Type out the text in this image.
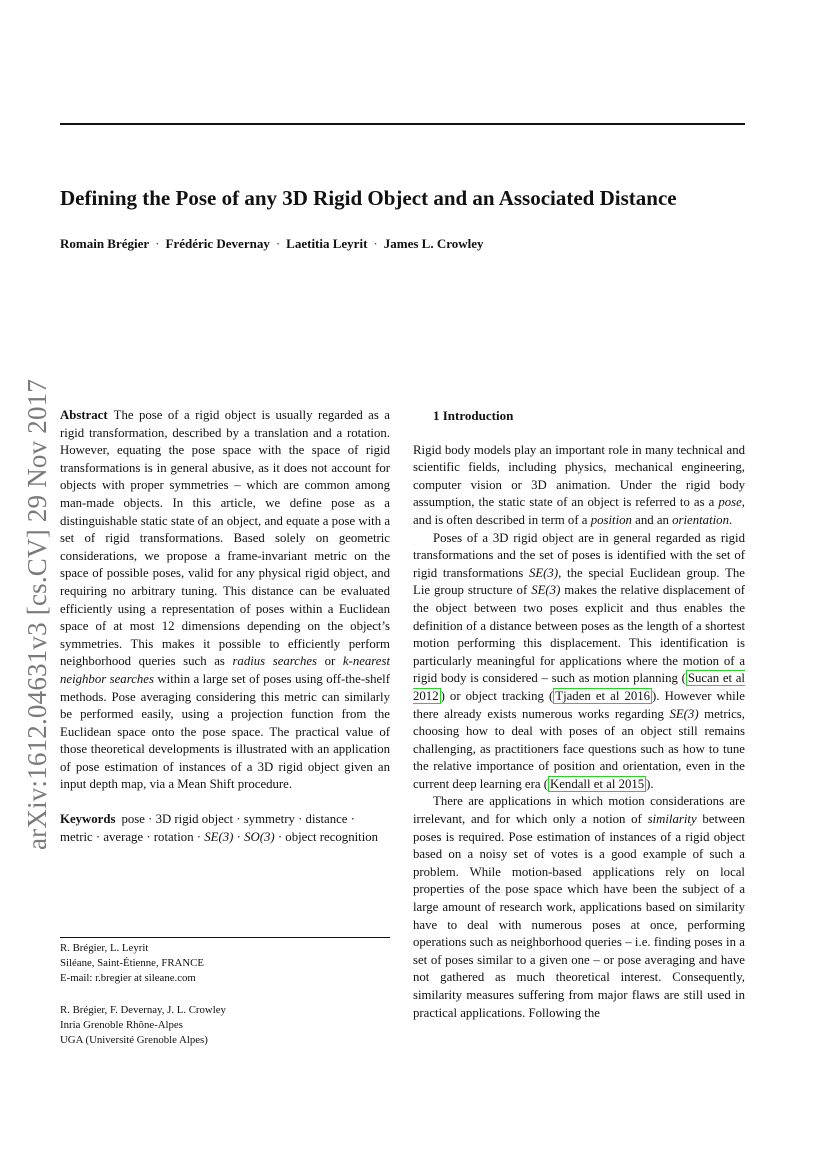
Defining the Pose of any 3D Rigid Object and an Associated Distance
Romain Brégier · Frédéric Devernay · Laetitia Leyrit · James L. Crowley
arXiv:1612.04631v3 [cs.CV] 29 Nov 2017 Abstract The pose of a rigid object is usually regarded as a rigid transformation, described by a translation and a rotation. However, equating the pose space with the space of rigid transformations is in general abusive, as it does not account for objects with proper symmetries – which are common among man-made objects. In this article, we define pose as a distinguishable static state of an object, and equate a pose with a set of rigid transformations. Based solely on geometric considerations, we propose a frame-invariant metric on the space of possible poses, valid for any physical rigid object, and requiring no arbitrary tuning. This distance can be evaluated efficiently using a representation of poses within a Euclidean space of at most 12 dimensions depending on the object’s symmetries. This makes it possible to efficiently perform neighborhood queries such as radius searches or k-nearest neighbor searches within a large set of poses using off-the-shelf methods. Pose averaging considering this metric can similarly be performed easily, using a projection function from the Euclidean space onto the pose space. The practical value of those theoretical developments is illustrated with an application of pose estimation of instances of a 3D rigid object given an input depth map, via a Mean Shift procedure.

Keywords pose · 3D rigid object · symmetry · distance · metric · average · rotation · SE(3) · SO(3) · object recognition

R. Brégier, L. Leyrit
Siléane, Saint-Étienne, FRANCE
E-mail: r.bregier at sileane.com
R. Brégier, F. Devernay, J. L. Crowley
Inria Grenoble Rhône-Alpes
UGA (Université Grenoble Alpes)

1 Introduction

Rigid body models play an important role in many technical and scientific fields, including physics, mechanical engineering, computer vision or 3D animation. Under the rigid body assumption, the static state of an object is referred to as a pose, and is often described in term of a position and an orientation.

Poses of a 3D rigid object are in general regarded as rigid transformations and the set of poses is identified with the set of rigid transformations SE(3), the special Euclidean group. The Lie group structure of SE(3) makes the relative displacement of the object between two poses explicit and thus enables the definition of a distance between poses as the length of a shortest motion performing this displacement. This identification is particularly meaningful for applications where the motion of a rigid body is considered – such as motion planning ( Sucan et al 2012 ) or object tracking ( Tjaden et al 2016 ). However while there already exists numerous works regarding SE(3) metrics, choosing how to deal with poses of an object still remains challenging, as practitioners face questions such as how to tune the relative importance of position and orientation, even in the current deep learning era ( Kendall et al 2015 ).

There are applications in which motion considerations are irrelevant, and for which only a notion of similarity between poses is required. Pose estimation of instances of a rigid object based on a noisy set of votes is a good example of such a problem. While motion-based applications rely on local properties of the pose space which have been the subject of a large amount of research work, applications based on similarity have to deal with numerous poses at once, performing operations such as neighborhood queries – i.e. finding poses in a set of poses similar to a given one – or pose averaging and have not gathered as much theoretical interest. Consequently, similarity measures suffering from major flaws are still used in practical applications. Following the
